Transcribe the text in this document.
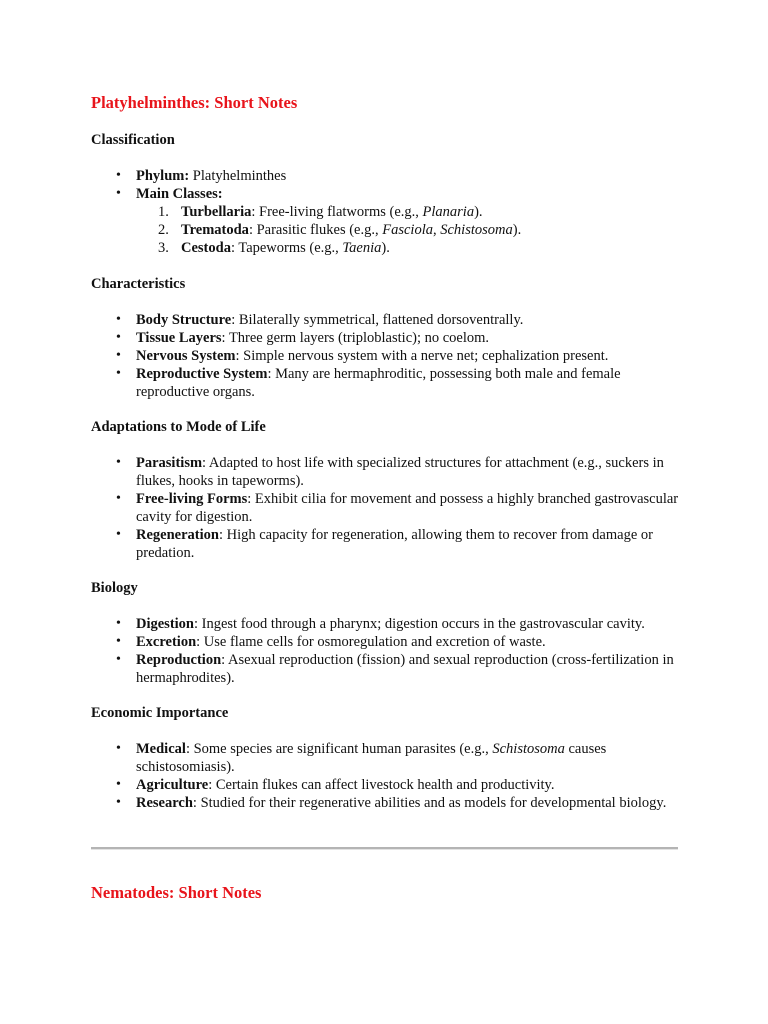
Platyhelminthes: Short Notes
Classification
• Phylum: Platyhelminthes
• Main Classes:
1. Turbellaria: Free-living flatworms (e.g., Planaria).
2. Trematoda: Parasitic flukes (e.g., Fasciola, Schistosoma).
3. Cestoda: Tapeworms (e.g., Taenia).
Characteristics
• Body Structure: Bilaterally symmetrical, flattened dorsoventrally.
• Tissue Layers: Three germ layers (triploblastic); no coelom.
• Nervous System: Simple nervous system with a nerve net; cephalization present.
• Reproductive System: Many are hermaphroditic, possessing both male and female reproductive organs.
Adaptations to Mode of Life
• Parasitism: Adapted to host life with specialized structures for attachment (e.g., suckers in flukes, hooks in tapeworms).
• Free-living Forms: Exhibit cilia for movement and possess a highly branched gastrovascular cavity for digestion.
• Regeneration: High capacity for regeneration, allowing them to recover from damage or predation.
Biology
• Digestion: Ingest food through a pharynx; digestion occurs in the gastrovascular cavity.
• Excretion: Use flame cells for osmoregulation and excretion of waste.
• Reproduction: Asexual reproduction (fission) and sexual reproduction (cross-fertilization in hermaphrodites).
Economic Importance
• Medical: Some species are significant human parasites (e.g., Schistosoma causes schistosomiasis).
• Agriculture: Certain flukes can affect livestock health and productivity.
• Research: Studied for their regenerative abilities and as models for developmental biology.
Nematodes: Short Notes
